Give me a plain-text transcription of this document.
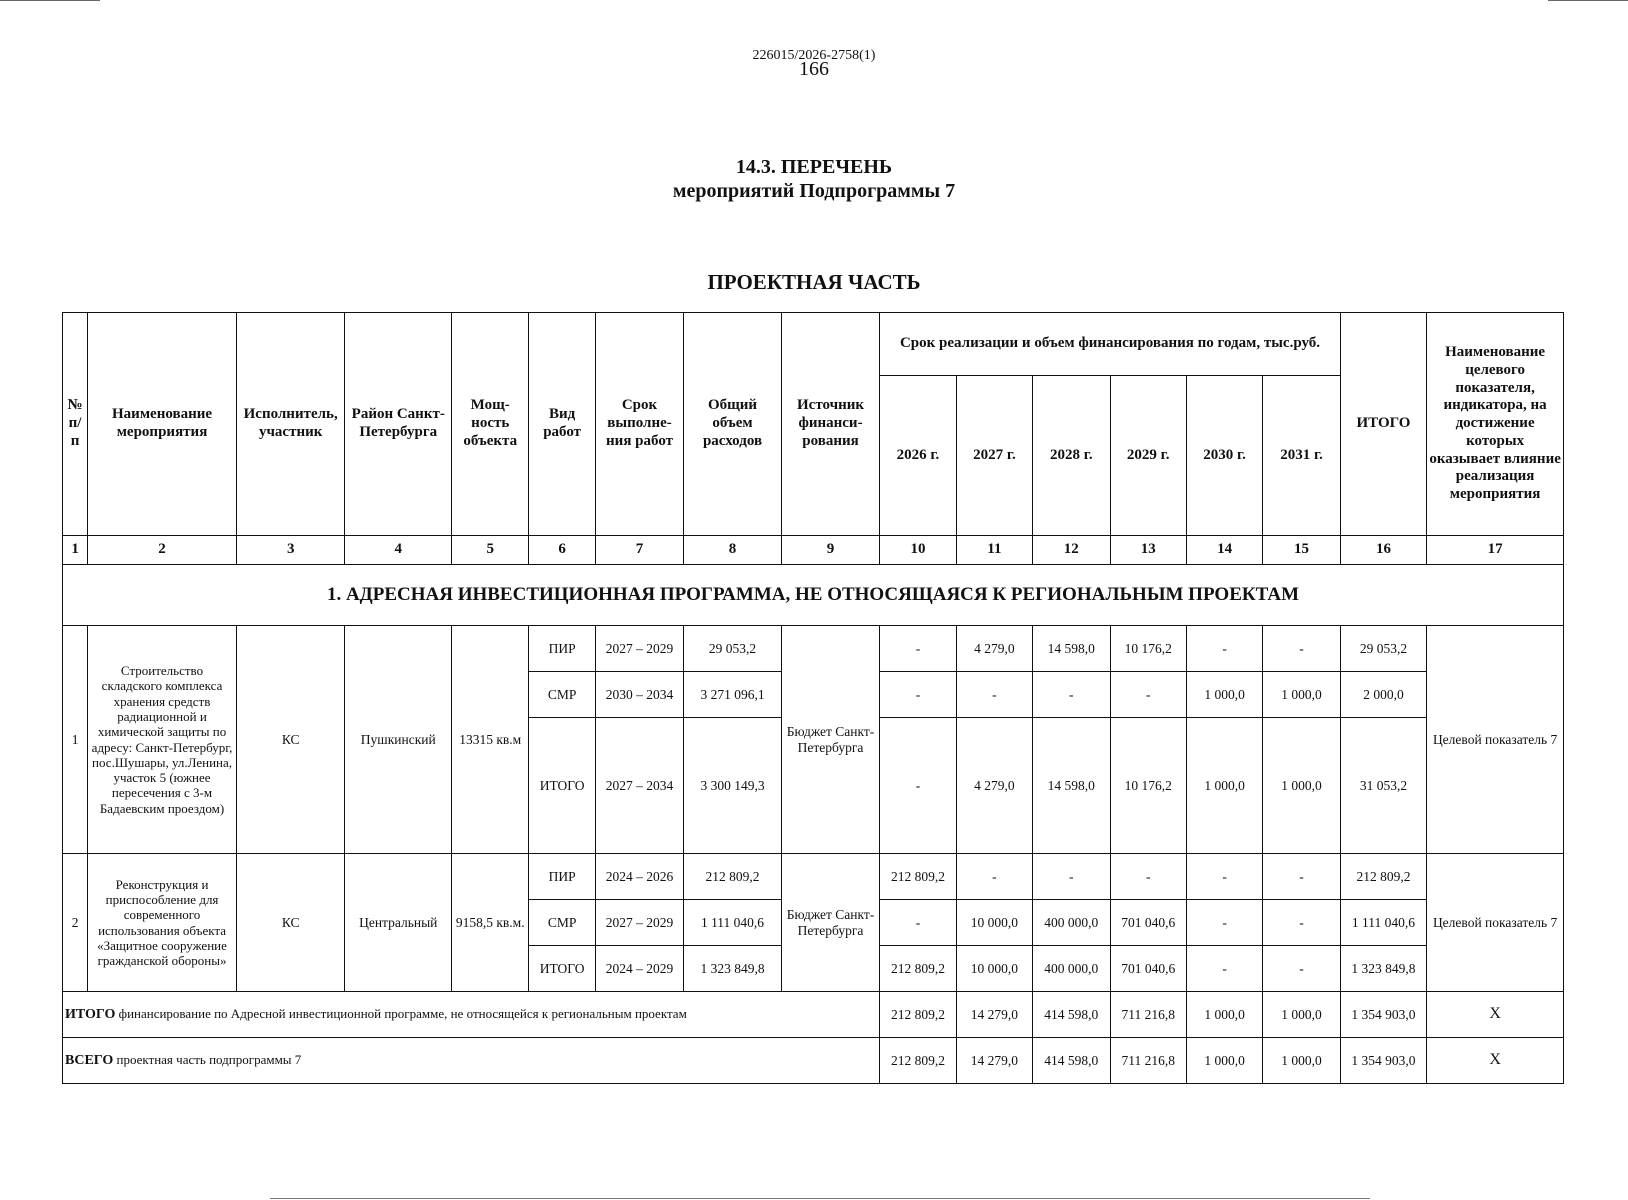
226015/2026-2758(1)
166
14.3. ПЕРЕЧЕНЬ
мероприятий Подпрограммы 7
ПРОЕКТНАЯ ЧАСТЬ
№ п/п	Наименование мероприятия	Исполнитель, участник	Район Санкт-Петербурга	Мощ-ность объекта	Вид работ	Срок выполне-ния работ	Общий объем расходов	Источник финанси-рования	Срок реализации и объем финансирования по годам, тыс.руб.						ИТОГО	Наименование целевого показателя, индикатора, на достижение которых оказывает влияние реализация мероприятия
									2026 г.	2027 г.	2028 г.	2029 г.	2030 г.	2031 г.		
1	2	3	4	5	6	7	8	9	10	11	12	13	14	15	16	17
1. АДРЕСНАЯ ИНВЕСТИЦИОННАЯ ПРОГРАММА, НЕ ОТНОСЯЩАЯСЯ К РЕГИОНАЛЬНЫМ ПРОЕКТАМ																
1	Строительство складского комплекса хранения средств радиационной и химической защиты по адресу: Санкт-Петербург, пос.Шушары, ул.Ленина, участок 5 (южнее пересечения с 3-м Бадаевским проездом)	КС	Пушкинский	13315 кв.м	ПИР	2027 – 2029	29 053,2	Бюджет Санкт-Петербурга	-	4 279,0	14 598,0	10 176,2	-	-	29 053,2	Целевой показатель 7
					СМР	2030 – 2034	3 271 096,1		-	-	-	-	1 000,0	1 000,0	2 000,0	
					ИТОГО	2027 – 2034	3 300 149,3		-	4 279,0	14 598,0	10 176,2	1 000,0	1 000,0	31 053,2	
2	Реконструкция и приспособление для современного использования объекта «Защитное сооружение гражданской обороны»	КС	Центральный	9158,5 кв.м.	ПИР	2024 – 2026	212 809,2	Бюджет Санкт-Петербурга	212 809,2	-	-	-	-	-	212 809,2	Целевой показатель 7
					СМР	2027 – 2029	1 111 040,6		-	10 000,0	400 000,0	701 040,6	-	-	1 111 040,6	
					ИТОГО	2024 – 2029	1 323 849,8		212 809,2	10 000,0	400 000,0	701 040,6	-	-	1 323 849,8	
ИТОГО финансирование по Адресной инвестиционной программе, не относящейся к региональным проектам									212 809,2	14 279,0	414 598,0	711 216,8	1 000,0	1 000,0	1 354 903,0	Х
ВСЕГО проектная часть подпрограммы 7									212 809,2	14 279,0	414 598,0	711 216,8	1 000,0	1 000,0	1 354 903,0	Х
